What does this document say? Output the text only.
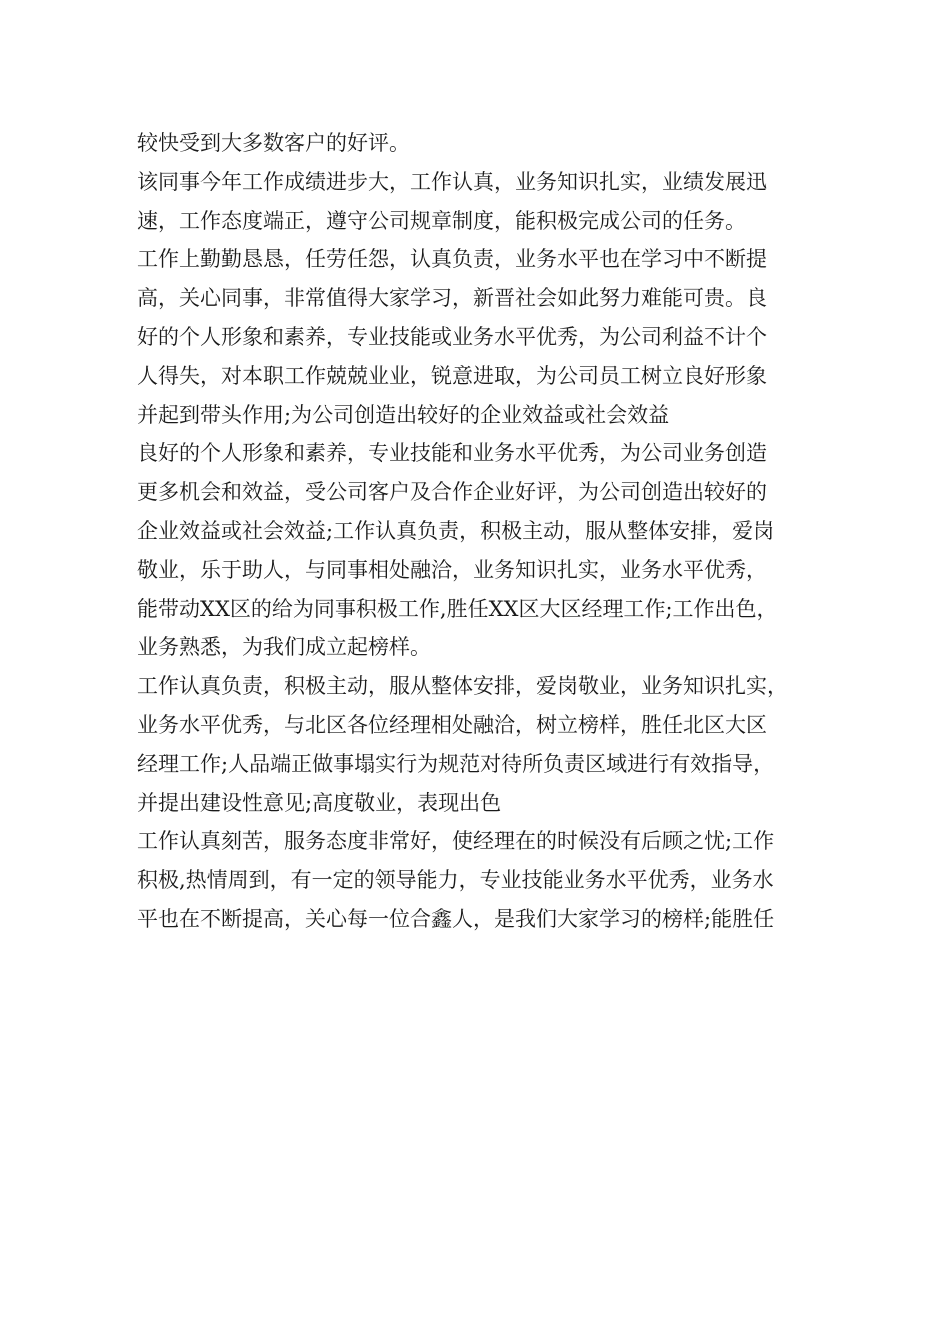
较快受到大多数客户的好评。
该同事今年工作成绩进步大，工作认真，业务知识扎实，业绩发展迅
速，工作态度端正，遵守公司规章制度，能积极完成公司的任务。
工作上勤勤恳恳，任劳任怨，认真负责，业务水平也在学习中不断提
高，关心同事，非常值得大家学习，新晋社会如此努力难能可贵。良
好的个人形象和素养，专业技能或业务水平优秀，为公司利益不计个
人得失，对本职工作兢兢业业，锐意进取，为公司员工树立良好形象
并起到带头作用;为公司创造出较好的企业效益或社会效益
良好的个人形象和素养，专业技能和业务水平优秀，为公司业务创造
更多机会和效益，受公司客户及合作企业好评，为公司创造出较好的
企业效益或社会效益;工作认真负责，积极主动，服从整体安排，爱岗
敬业，乐于助人，与同事相处融洽，业务知识扎实，业务水平优秀，
能带动XX区的给为同事积极工作,胜任XX区大区经理工作;工作出色，
业务熟悉，为我们成立起榜样。
工作认真负责，积极主动，服从整体安排，爱岗敬业，业务知识扎实，
业务水平优秀，与北区各位经理相处融洽，树立榜样，胜任北区大区
经理工作;人品端正做事塌实行为规范对待所负责区域进行有效指导，
并提出建设性意见;高度敬业，表现出色
工作认真刻苦，服务态度非常好，使经理在的时候没有后顾之忧;工作
积极,热情周到，有一定的领导能力，专业技能业务水平优秀，业务水
平也在不断提高，关心每一位合鑫人，是我们大家学习的榜样;能胜任
